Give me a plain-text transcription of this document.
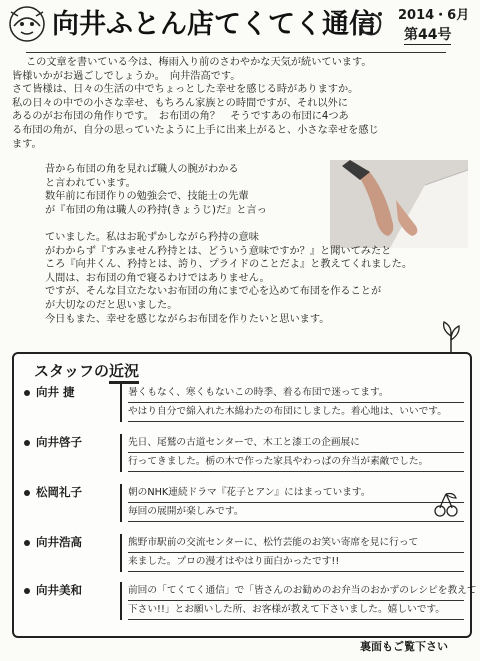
向井ふとん店てくてく通信	2014・6月
第44号

この文章を書いている今は、梅雨入り前のさわやかな天気が続いています。

皆様いかがお過ごしでしょうか。　向井浩高です。

さて皆様は、日々の生活の中でちょっとした幸せを感じる時がありますか。

私の日々の中での小さな幸せ、もちろん家族との時間ですが、それ以外に

あるのがお布団の角作りです。　お布団の角？　そうですあの布団に4つあ

る布団の角が、自分の思っていたように上手に出来上がると、小さな幸せを感じ

ます。

昔から布団の角を見れば職人の腕がわかる

と言われています。

数年前に布団作りの勉強会で、技能士の先輩

が『布団の角は職人の矜持(きょうじ)だ』と言っ

ていました。私はお恥ずかしながら矜持の意味

がわからず『すみません矜持とは、どういう意味ですか？』と聞いてみたと

ころ『向井くん、矜持とは、誇り、プライドのことだよ』と教えてくれました。

人間は、お布団の角で寝るわけではありません。

ですが、そんな目立たないお布団の角にまで心を込めて布団を作ることが

が大切なのだと思いました。

今日もまた、幸せを感じながらお布団を作りたいと思います。

スタッフの近況
向井 捷	暑くもなく、寒くもないこの時季、着る布団で迷ってます。

やはり自分で綿入れた木綿わたの布団にしました。着心地は、いいです。

向井啓子	先日、尾鷲の古道センターで、木工と漆工の企画展に

行ってきました。栃の木で作った家具やわっぱの弁当が素敵でした。

松岡礼子	朝のNHK連続ドラマ『花子とアン』にはまっています。

毎回の展開が楽しみです。

向井浩高	熊野市駅前の交流センターに、松竹芸能のお笑い寄席を見に行って

来ました。プロの漫才はやはり面白かったです!!

向井美和	前回の「てくてく通信」で「皆さんのお勧めのお弁当のおかずのレシピを教えて

下さい!!」とお願いした所、お客様が教えて下さいました。嬉しいです。

裏面もご覧下さい
